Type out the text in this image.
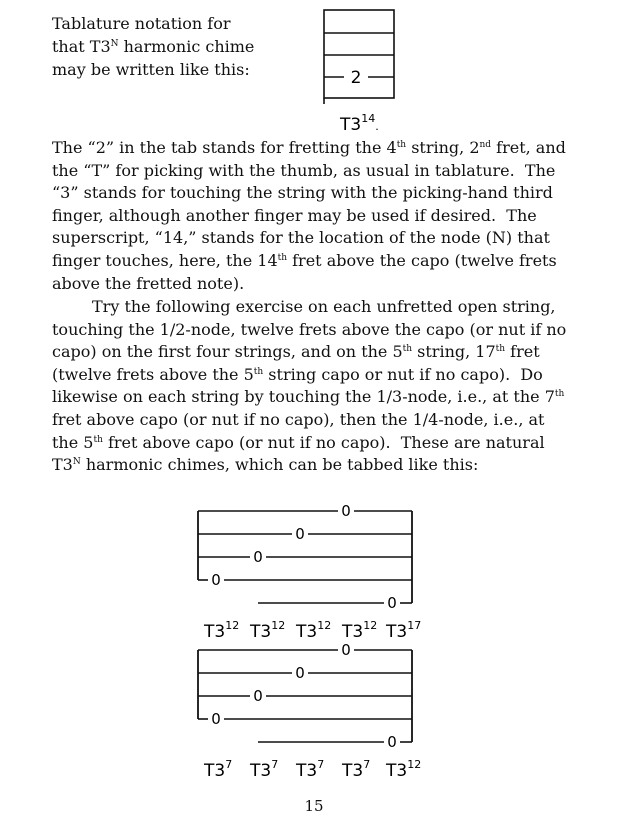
Tablature notation for
that $T3^N$ harmonic chime
may be written like this:	2
$T3^{14}_.$
0
0
0
0
0
$T3^{12}$ $T3^{12}$ $T3^{12}$ $T3^{12}$ $T3^{17}$
0
0
0
0
0
$T3^7$ $T3^7$ $T3^7$ $T3^7$ $T3^{12}$

The “2” in the tab stands for fretting the 4th string, 2nd fret, and the “T” for picking with the thumb, as usual in tablature.  The “3” stands for touching the string with the picking-hand third finger, although another finger may be used if desired.  The superscript, “14,” stands for the location of the node (N) that finger touches, here, the 14th fret above the capo (twelve frets above the fretted note).

Try the following exercise on each unfretted open string, touching the 1/2-node, twelve frets above the capo (or nut if no capo) on the first four strings, and on the 5th string, 17th fret (twelve frets above the 5th string capo or nut if no capo).  Do likewise on each string by touching the 1/3-node, i.e., at the 7th fret above capo (or nut if no capo), then the 1/4-node, i.e., at the 5th fret above capo (or nut if no capo).  These are natural $T3^N$ harmonic chimes, which can be tabbed like this:

15
